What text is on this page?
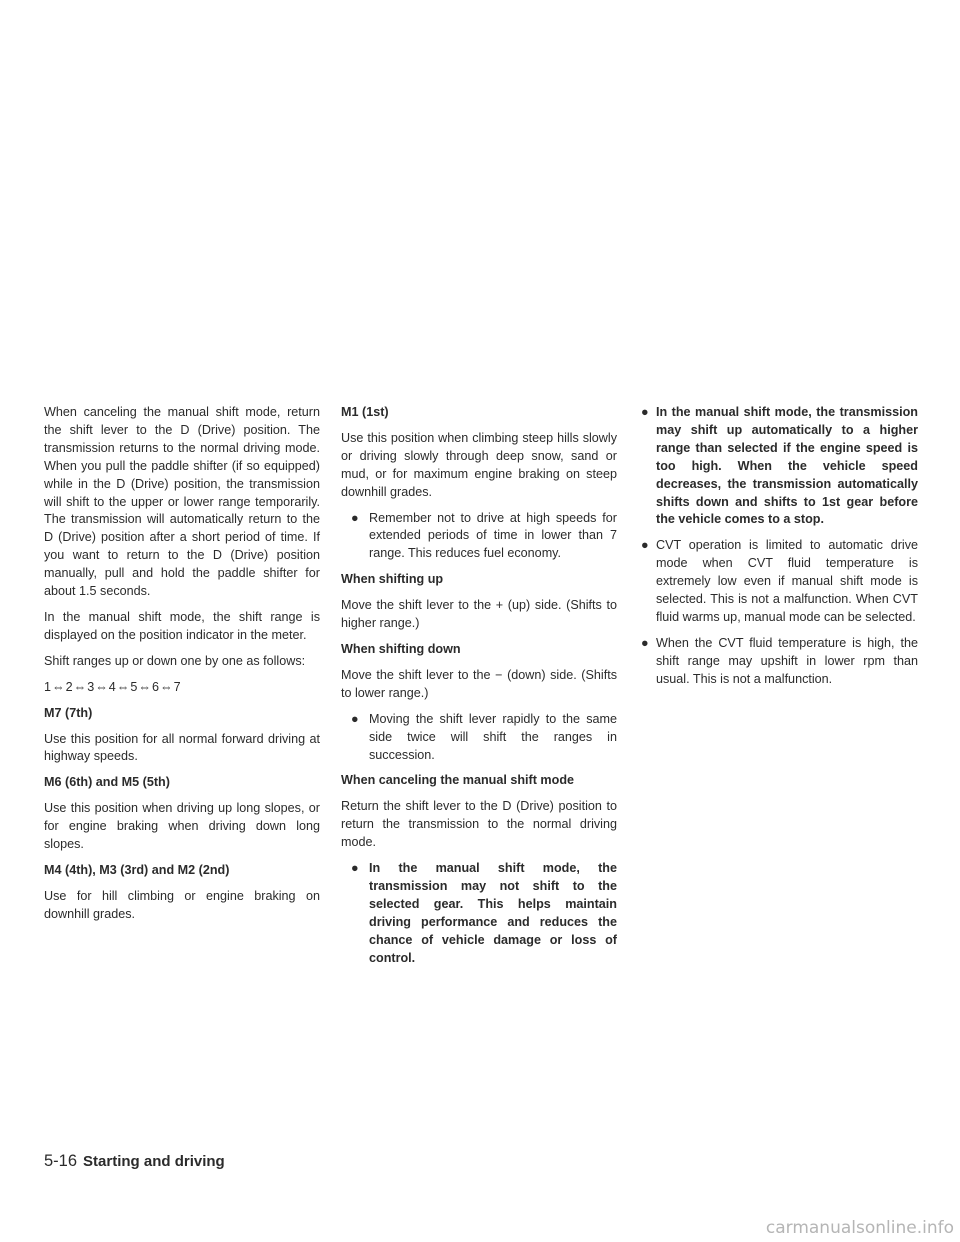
When canceling the manual shift mode, return the shift lever to the D (Drive) position. The transmission returns to the normal driving mode. When you pull the paddle shifter (if so equipped) while in the D (Drive) position, the transmission will shift to the upper or lower range temporarily. The transmission will automatically return to the D (Drive) position after a short period of time. If you want to return to the D (Drive) position manually, pull and hold the paddle shifter for about 1.5 seconds.

In the manual shift mode, the shift range is displayed on the position indicator in the meter.

Shift ranges up or down one by one as follows:

1⇔2⇔3⇔4⇔5⇔6⇔7

M7 (7th)

Use this position for all normal forward driving at highway speeds.

M6 (6th) and M5 (5th)

Use this position when driving up long slopes, or for engine braking when driving down long slopes.

M4 (4th), M3 (3rd) and M2 (2nd)

Use for hill climbing or engine braking on downhill grades.

M1 (1st)

Use this position when climbing steep hills slowly or driving slowly through deep snow, sand or mud, or for maximum engine braking on steep downhill grades.

● Remember not to drive at high speeds for extended periods of time in lower than 7 range. This reduces fuel economy.
When shifting up

Move the shift lever to the + (up) side. (Shifts to higher range.)

When shifting down

Move the shift lever to the − (down) side. (Shifts to lower range.)

● Moving the shift lever rapidly to the same side twice will shift the ranges in succession.
When canceling the manual shift mode

Return the shift lever to the D (Drive) position to return the transmission to the normal driving mode.

● In the manual shift mode, the transmission may not shift to the selected gear. This helps maintain driving performance and reduces the chance of vehicle damage or loss of control.
● In the manual shift mode, the transmission may shift up automatically to a higher range than selected if the engine speed is too high. When the vehicle speed decreases, the transmission automatically shifts down and shifts to 1st gear before the vehicle comes to a stop.
● CVT operation is limited to automatic drive mode when CVT fluid temperature is extremely low even if manual shift mode is selected. This is not a malfunction. When CVT fluid warms up, manual mode can be selected.
● When the CVT fluid temperature is high, the shift range may upshift in lower rpm than usual. This is not a malfunction.
5-16 Starting and driving
carmanualsonline.info
